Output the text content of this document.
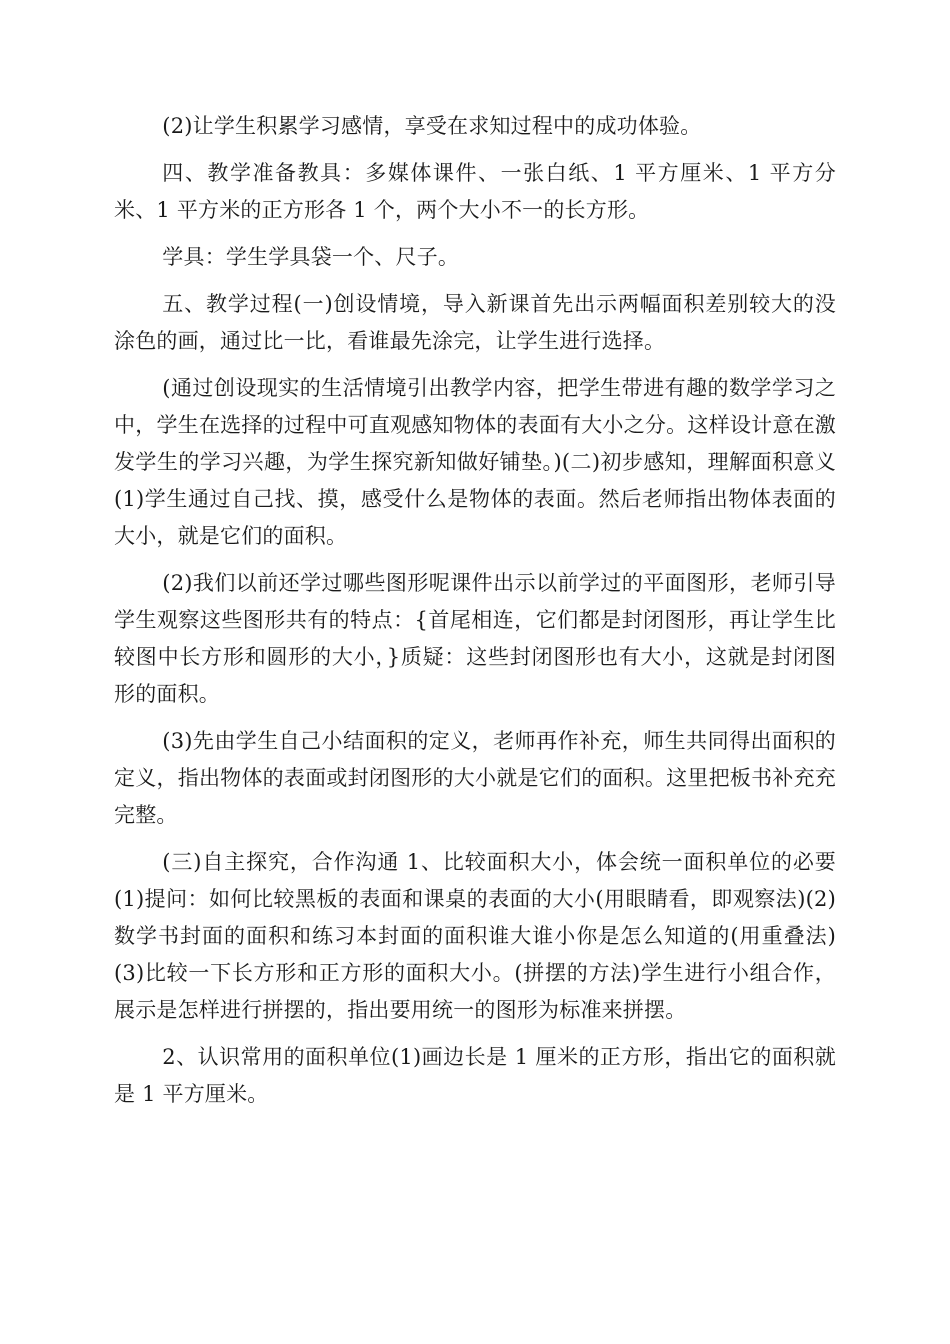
(2)让学生积累学习感情，享受在求知过程中的成功体验。

四、教学准备教具：多媒体课件、一张白纸、1 平方厘米、1 平方分米、1 平方米的正方形各 1 个，两个大小不一的长方形。

学具：学生学具袋一个、尺子。

五、教学过程(一)创设情境，导入新课首先出示两幅面积差别较大的没涂色的画，通过比一比，看谁最先涂完，让学生进行选择。

(通过创设现实的生活情境引出教学内容，把学生带进有趣的数学学习之中，学生在选择的过程中可直观感知物体的表面有大小之分。这样设计意在激发学生的学习兴趣，为学生探究新知做好铺垫。)(二)初步感知，理解面积意义(1)学生通过自己找、摸，感受什么是物体的表面。然后老师指出物体表面的大小，就是它们的面积。

(2)我们以前还学过哪些图形呢课件出示以前学过的平面图形，老师引导学生观察这些图形共有的特点：{首尾相连，它们都是封闭图形，再让学生比较图中长方形和圆形的大小，}质疑：这些封闭图形也有大小，这就是封闭图形的面积。

(3)先由学生自己小结面积的定义，老师再作补充，师生共同得出面积的定义，指出物体的表面或封闭图形的大小就是它们的面积。这里把板书补充充完整。

(三)自主探究，合作沟通 1、比较面积大小，体会统一面积单位的必要(1)提问：如何比较黑板的表面和课桌的表面的大小(用眼睛看，即观察法)(2)数学书封面的面积和练习本封面的面积谁大谁小你是怎么知道的(用重叠法)(3)比较一下长方形和正方形的面积大小。(拼摆的方法)学生进行小组合作，展示是怎样进行拼摆的，指出要用统一的图形为标准来拼摆。

2、认识常用的面积单位(1)画边长是 1 厘米的正方形，指出它的面积就是 1 平方厘米。
